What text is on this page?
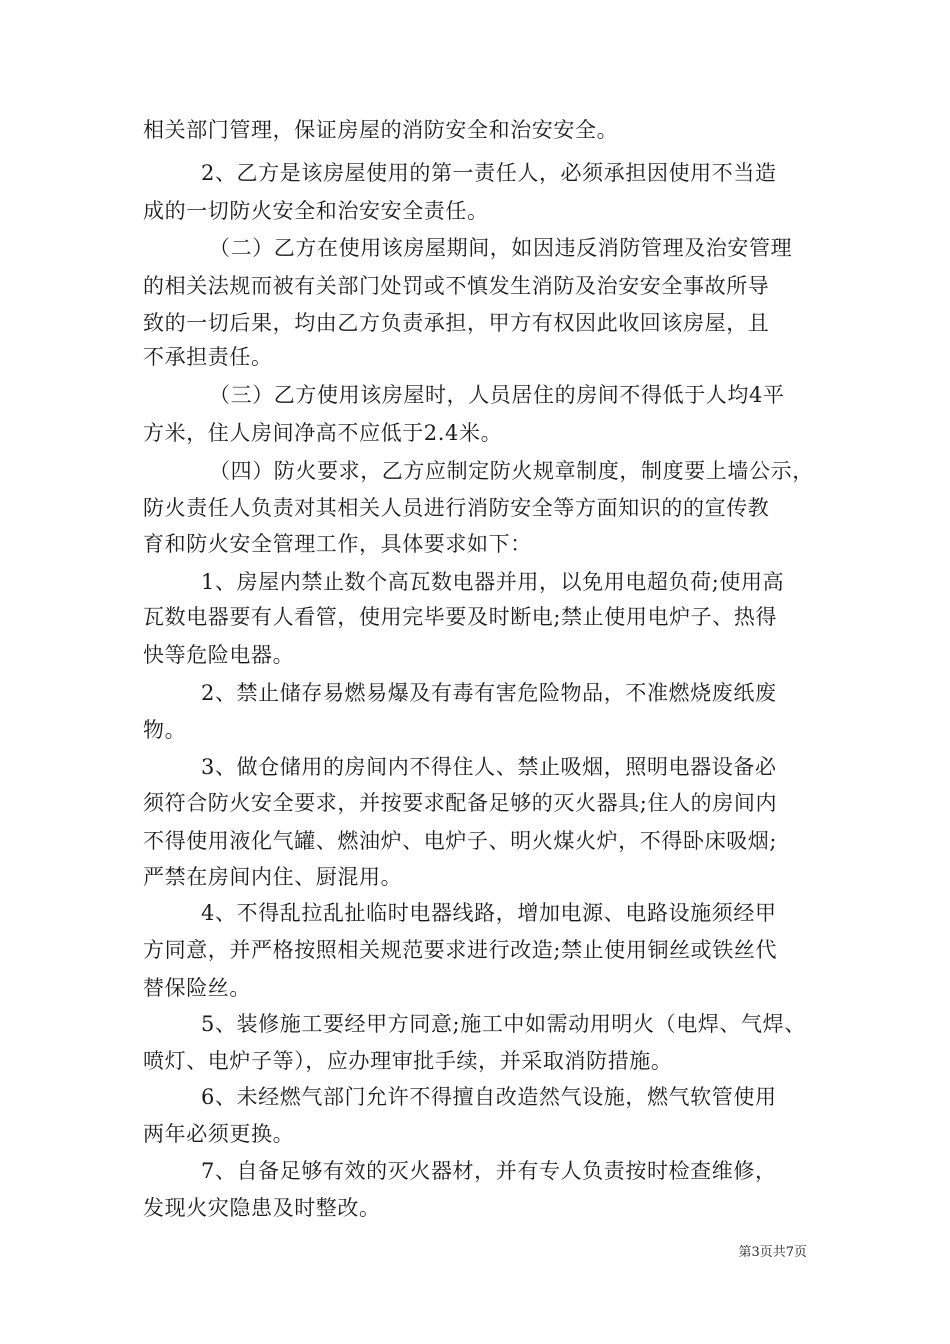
相关部门管理，保证房屋的消防安全和治安安全。
2、乙方是该房屋使用的第一责任人，必须承担因使用不当造
成的一切防火安全和治安安全责任。
（二）乙方在使用该房屋期间，如因违反消防管理及治安管理
的相关法规而被有关部门处罚或不慎发生消防及治安安全事故所导
致的一切后果，均由乙方负责承担，甲方有权因此收回该房屋，且
不承担责任。
（三）乙方使用该房屋时，人员居住的房间不得低于人均4平
方米，住人房间净高不应低于2.4米。
（四）防火要求，乙方应制定防火规章制度，制度要上墙公示，
防火责任人负责对其相关人员进行消防安全等方面知识的的宣传教
育和防火安全管理工作，具体要求如下：
1、房屋内禁止数个高瓦数电器并用，以免用电超负荷;使用高
瓦数电器要有人看管，使用完毕要及时断电;禁止使用电炉子、热得
快等危险电器。
2、禁止储存易燃易爆及有毒有害危险物品，不准燃烧废纸废
物。
3、做仓储用的房间内不得住人、禁止吸烟，照明电器设备必
须符合防火安全要求，并按要求配备足够的灭火器具;住人的房间内
不得使用液化气罐、燃油炉、电炉子、明火煤火炉，不得卧床吸烟;
严禁在房间内住、厨混用。
4、不得乱拉乱扯临时电器线路，增加电源、电路设施须经甲
方同意，并严格按照相关规范要求进行改造;禁止使用铜丝或铁丝代
替保险丝。
5、装修施工要经甲方同意;施工中如需动用明火（电焊、气焊、
喷灯、电炉子等），应办理审批手续，并采取消防措施。
6、未经燃气部门允许不得擅自改造然气设施，燃气软管使用
两年必须更换。
7、自备足够有效的灭火器材，并有专人负责按时检查维修，
发现火灾隐患及时整改。
第3页共7页
